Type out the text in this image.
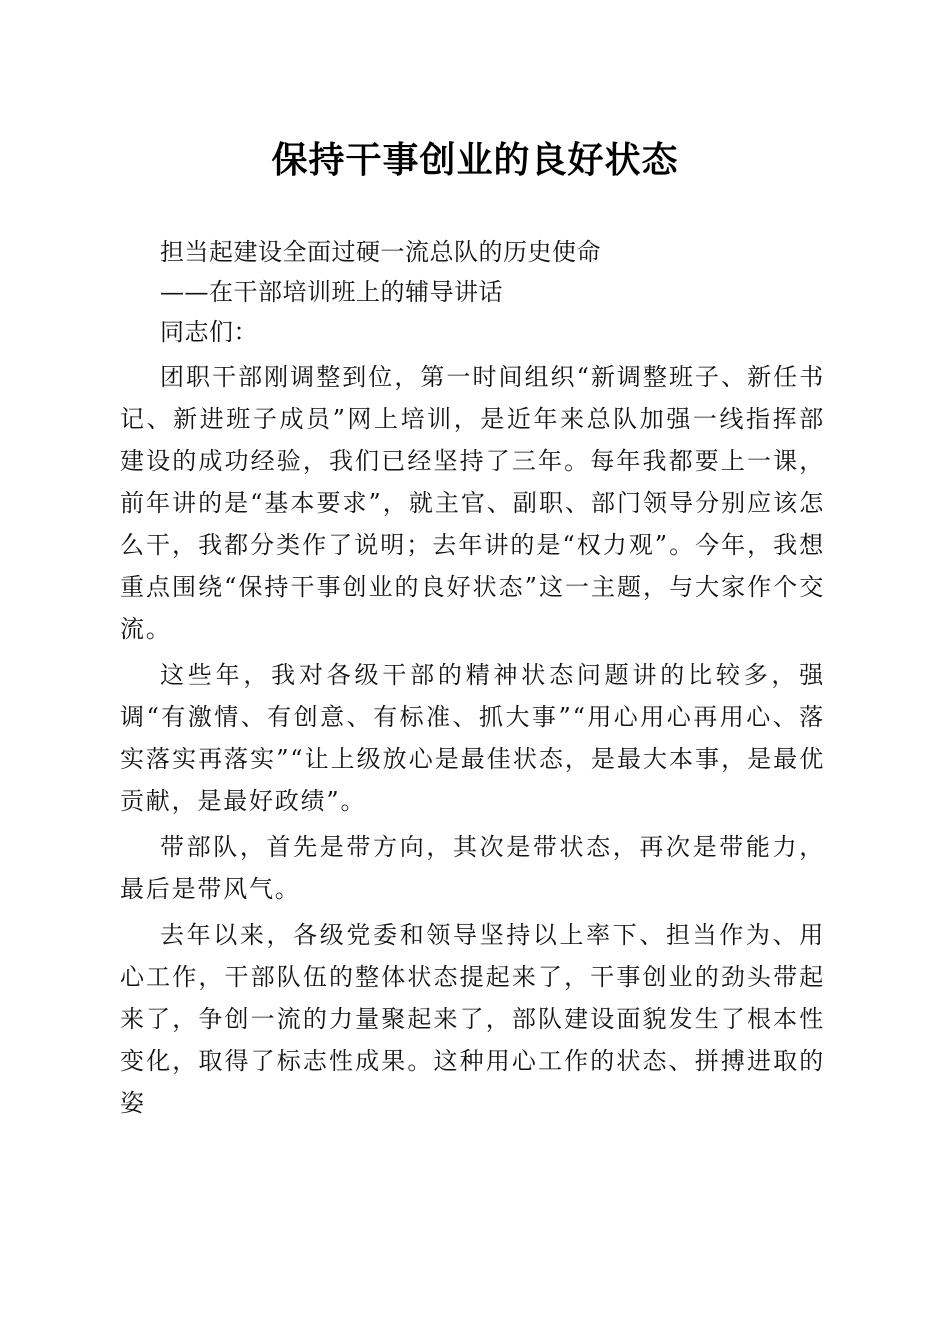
保持干事创业的良好状态

担当起建设全面过硬一流总队的历史使命

——在干部培训班上的辅导讲话

同志们：

团职干部刚调整到位，第一时间组织“新调整班子、新任书记、新进班子成员”网上培训，是近年来总队加强一线指挥部建设的成功经验，我们已经坚持了三年。每年我都要上一课，前年讲的是“基本要求”，就主官、副职、部门领导分别应该怎么干，我都分类作了说明；去年讲的是“权力观”。今年，我想重点围绕“保持干事创业的良好状态”这一主题，与大家作个交流。

这些年，我对各级干部的精神状态问题讲的比较多，强调“有激情、有创意、有标准、抓大事”“用心用心再用心、落实落实再落实”“让上级放心是最佳状态，是最大本事，是最优贡献，是最好政绩”。

带部队，首先是带方向，其次是带状态，再次是带能力，最后是带风气。

去年以来，各级党委和领导坚持以上率下、担当作为、用心工作，干部队伍的整体状态提起来了，干事创业的劲头带起来了，争创一流的力量聚起来了，部队建设面貌发生了根本性变化，取得了标志性成果。这种用心工作的状态、拼搏进取的姿
